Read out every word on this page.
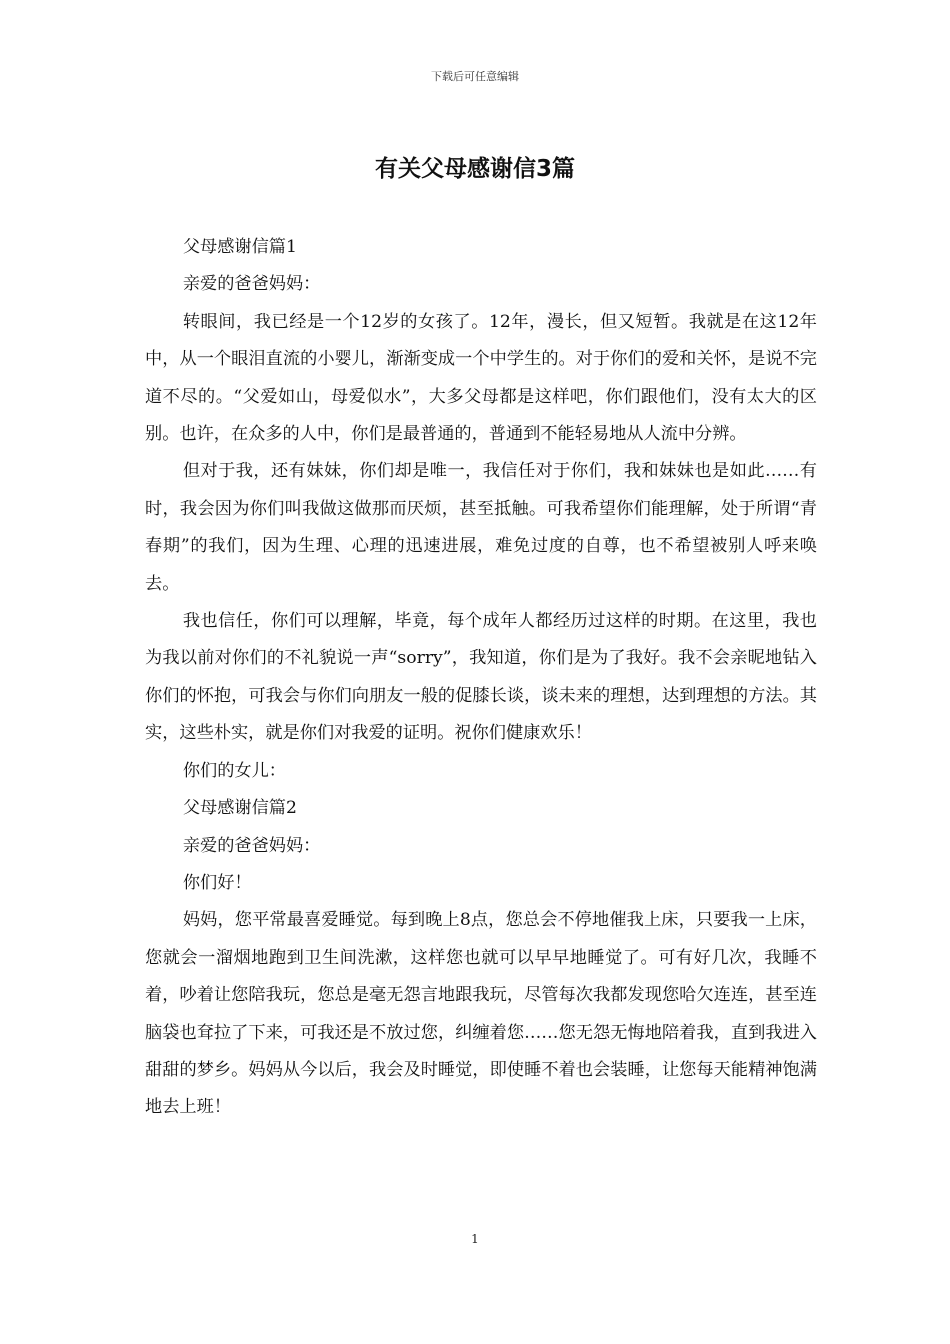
下载后可任意编辑
有关父母感谢信3篇

父母感谢信篇1

亲爱的爸爸妈妈：

转眼间，我已经是一个12岁的女孩了。12年，漫长，但又短暂。我就是在这12年中，从一个眼泪直流的小婴儿，渐渐变成一个中学生的。对于你们的爱和关怀，是说不完道不尽的。“父爱如山，母爱似水”，大多父母都是这样吧，你们跟他们，没有太大的区别。也许，在众多的人中，你们是最普通的，普通到不能轻易地从人流中分辨。

但对于我，还有妹妹，你们却是唯一，我信任对于你们，我和妹妹也是如此……有时，我会因为你们叫我做这做那而厌烦，甚至抵触。可我希望你们能理解，处于所谓“青春期”的我们，因为生理、心理的迅速进展，难免过度的自尊，也不希望被别人呼来唤去。

我也信任，你们可以理解，毕竟，每个成年人都经历过这样的时期。在这里，我也为我以前对你们的不礼貌说一声“sorry”，我知道，你们是为了我好。我不会亲昵地钻入你们的怀抱，可我会与你们向朋友一般的促膝长谈，谈未来的理想，达到理想的方法。其实，这些朴实，就是你们对我爱的证明。祝你们健康欢乐！

你们的女儿：

父母感谢信篇2

亲爱的爸爸妈妈：

你们好！

妈妈，您平常最喜爱睡觉。每到晚上8点，您总会不停地催我上床，只要我一上床，您就会一溜烟地跑到卫生间洗漱，这样您也就可以早早地睡觉了。可有好几次，我睡不着，吵着让您陪我玩，您总是毫无怨言地跟我玩，尽管每次我都发现您哈欠连连，甚至连脑袋也耷拉了下来，可我还是不放过您，纠缠着您……您无怨无悔地陪着我，直到我进入甜甜的梦乡。妈妈从今以后，我会及时睡觉，即使睡不着也会装睡，让您每天能精神饱满地去上班！

1
